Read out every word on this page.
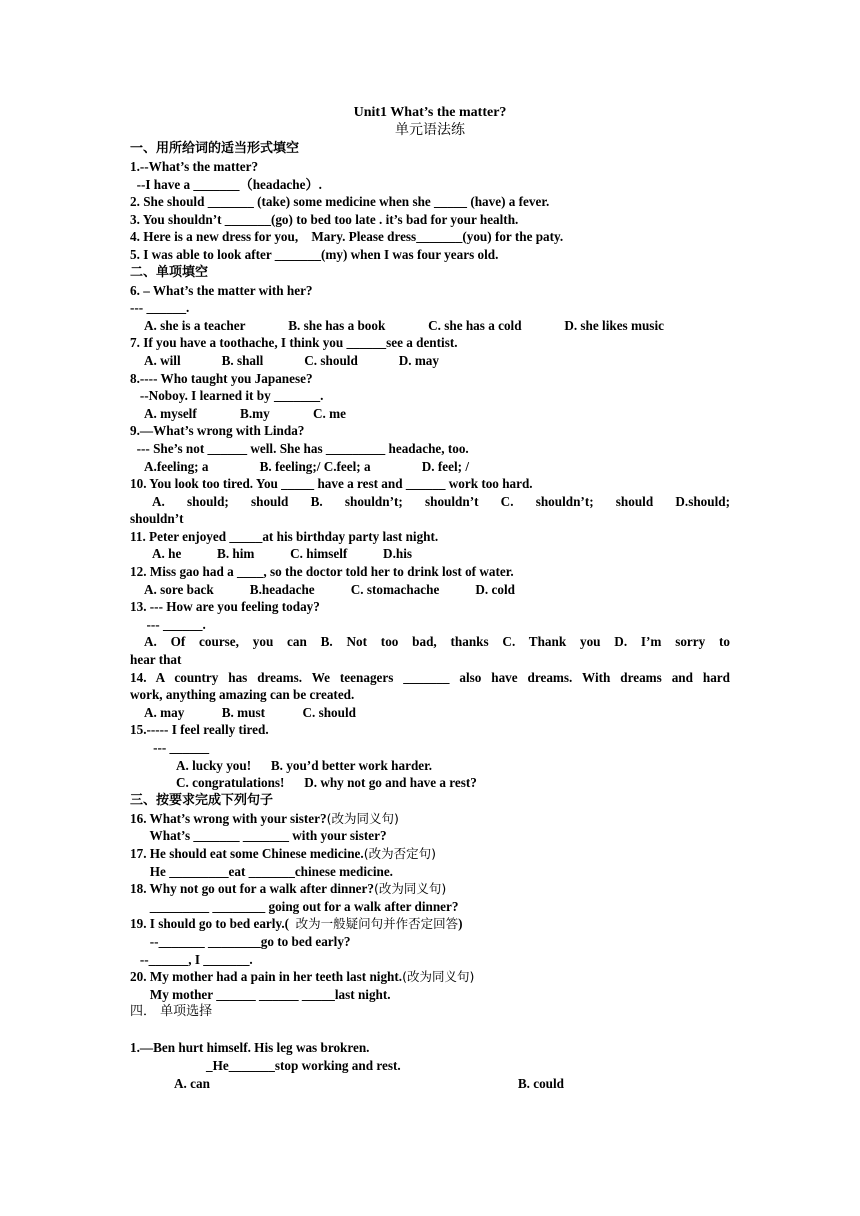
Unit1 What’s the matter?

单元语法练

一、用所给词的适当形式填空

1.--What’s the matter?

--I have a _______（headache）.

2. She should _______ (take) some medicine when she _____ (have) a fever.

3. You shouldn’t _______(go) to bed too late . it’s bad for your health.

4. Here is a new dress for you,    Mary. Please dress_______(you) for the paty.

5. I was able to look after _______(my) when I was four years old.

二、单项填空

6. – What’s the matter with her?

--- ______.

A. she is a teacher	B. she has a book	C. she has a cold	D. she likes music

7. If you have a toothache, I think you ______see a dentist.

A. will	B. shall	C. should	D. may

8.---- Who taught you Japanese?

--Noboy. I learned it by _______.

A. myself	B.my	C. me

9.—What’s wrong with Linda?

--- She’s not ______ well. She has _________ headache, too.

A.feeling; a	B. feeling;/ C.feel; a	D. feel; /

10. You look too tired. You _____ have a rest and ______ work too hard.

A. should; should B. shouldn’t; shouldn’t C. shouldn’t; should D.should;

shouldn’t

11. Peter enjoyed _____at his birthday party last night.

A. he	B. him	C. himself	D.his

12. Miss gao had a ____, so the doctor told her to drink lost of water.

A. sore back	B.headache	C. stomachache	D. cold

13. --- How are you feeling today?

--- ______.

A. Of course, you can B. Not too bad, thanks C. Thank you D. I’m sorry to

hear that

14. A country has dreams. We teenagers _______ also have dreams. With dreams and hard

work, anything amazing can be created.

A. may	B. must	C. should

15.----- I feel really tired.

--- ______

A. lucky you!      B. you’d better work harder.

C. congratulations!      D. why not go and have a rest?

三、按要求完成下列句子

16. What’s wrong with your sister?(改为同义句)

What’s _______ _______ with your sister?

17. He should eat some Chinese medicine.(改为否定句)

He _________eat _______chinese medicine.

18. Why not go out for a walk after dinner?(改为同义句)

_________ ________ going out for a walk after dinner?

19. I should go to bed early.(  改为一般疑问句并作否定回答)

--_______ ________go to bed early?

--______, I _______.

20. My mother had a pain in her teeth last night.(改为同义句)

My mother ______ ______ _____last night.

四． 单项选择

1.—Ben hurt himself. His leg was brokren.

_He_______stop working and rest.

A. can	B. could
